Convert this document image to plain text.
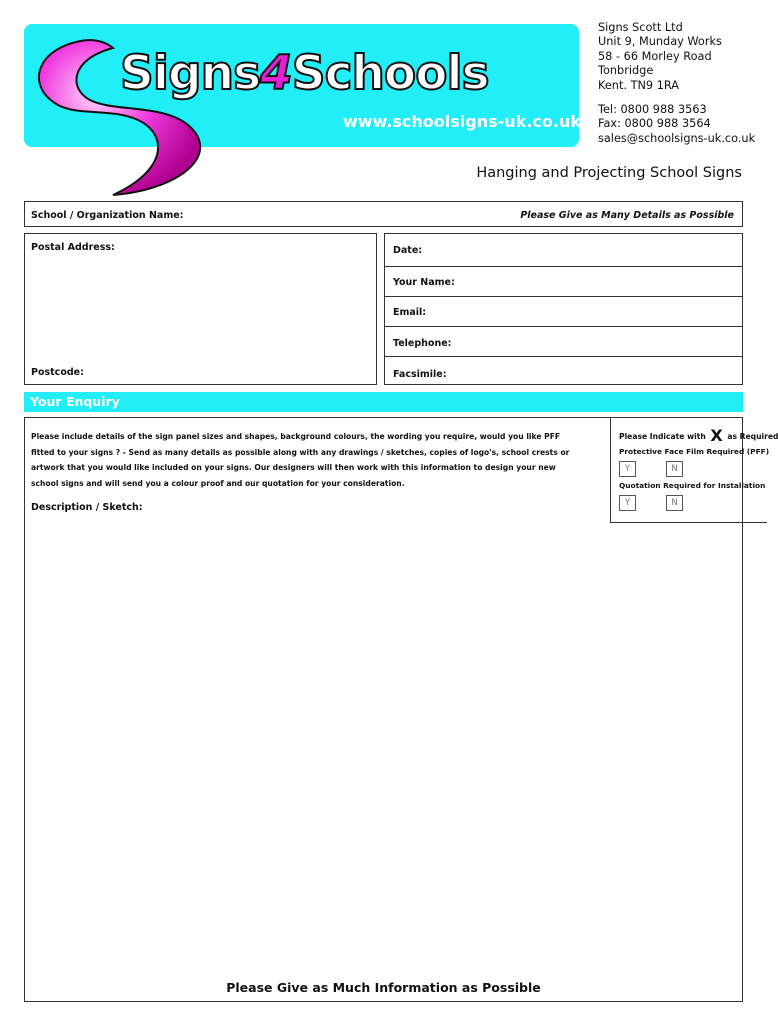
Signs4Schools
www.schoolsigns-uk.co.uk
Signs Scott Ltd
Unit 9, Munday Works
58 - 66 Morley Road
Tonbridge
Kent. TN9 1RA
Tel: 0800 988 3563
Fax: 0800 988 3564
sales@schoolsigns-uk.co.uk
Hanging and Projecting School Signs
School / Organization Name:	Please Give as Many Details as Possible
Postal Address:
Postcode:
Date:
Your Name:
Email:
Telephone:
Facsimile:
Your Enquiry
Please include details of the sign panel sizes and shapes, background colours, the wording you require, would you like PFF fitted to your signs ? - Send as many details as possible along with any drawings / sketches, copies of logo's, school crests or artwork that you would like included on your signs. Our designers will then work with this information to design your new school signs and will send you a colour proof and our quotation for your consideration.
Description / Sketch:
Please Indicate with X as Required
Protective Face Film Required (PFF)
Y	N
Quotation Required for Installation
Y	N
Please Give as Much Information as Possible
